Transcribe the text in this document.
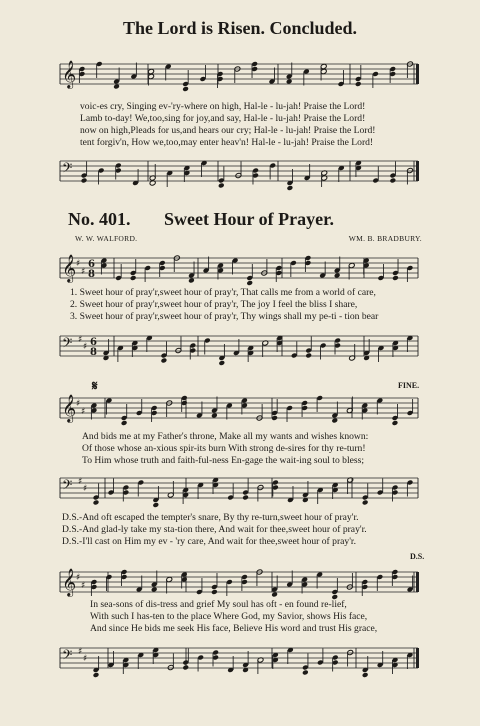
The Lord is Risen. Concluded.
𝄞
voic-es cry, Singing ev-'ry-where on high, Hal-le - lu-jah! Praise the Lord!
Lamb to-day! We,too,sing for joy,and say, Hal-le - lu-jah! Praise the Lord!
now on high,Pleads for us,and hears our cry; Hal-le - lu-jah! Praise the Lord!
tent forgiv'n, How we,too,may enter heav'n! Hal-le - lu-jah! Praise the Lord!
𝄢
No. 401. Sweet Hour of Prayer.
W. W. WALFORD.	WM. B. BRADBURY.
𝄞 ♯
♯
6
8
1. Sweet hour of pray'r,sweet hour of pray'r, That calls me from a world of care,
2. Sweet hour of pray'r,sweet hour of pray'r, The joy I feel the bliss I share,
3. Sweet hour of pray'r,sweet hour of pray'r, Thy wings shall my pe-ti - tion bear
𝄢 ♯
♯ 6
8
𝄋	FINE.
𝄞 ♯
♯
And bids me at my Father's throne, Make all my wants and wishes known:
Of those whose an-xious spir-its burn With strong de-sires for thy re-turn!
To Him whose truth and faith-ful-ness En-gage the wait-ing soul to bless;
𝄢 ♯
♯
D.S.-And oft escaped the tempter's snare, By thy re-turn,sweet hour of pray'r.
D.S.-And glad-ly take my sta-tion there, And wait for thee,sweet hour of pray'r.
D.S.-I'll cast on Him my ev - 'ry care, And wait for thee,sweet hour of pray'r.
D.S.
𝄞 ♯
♯
In sea-sons of dis-tress and grief My soul has oft - en found re-lief,
With such I has-ten to the place Where God, my Savior, shows His face,
And since He bids me seek His face, Believe His word and trust His grace,
𝄢 ♯
♯
